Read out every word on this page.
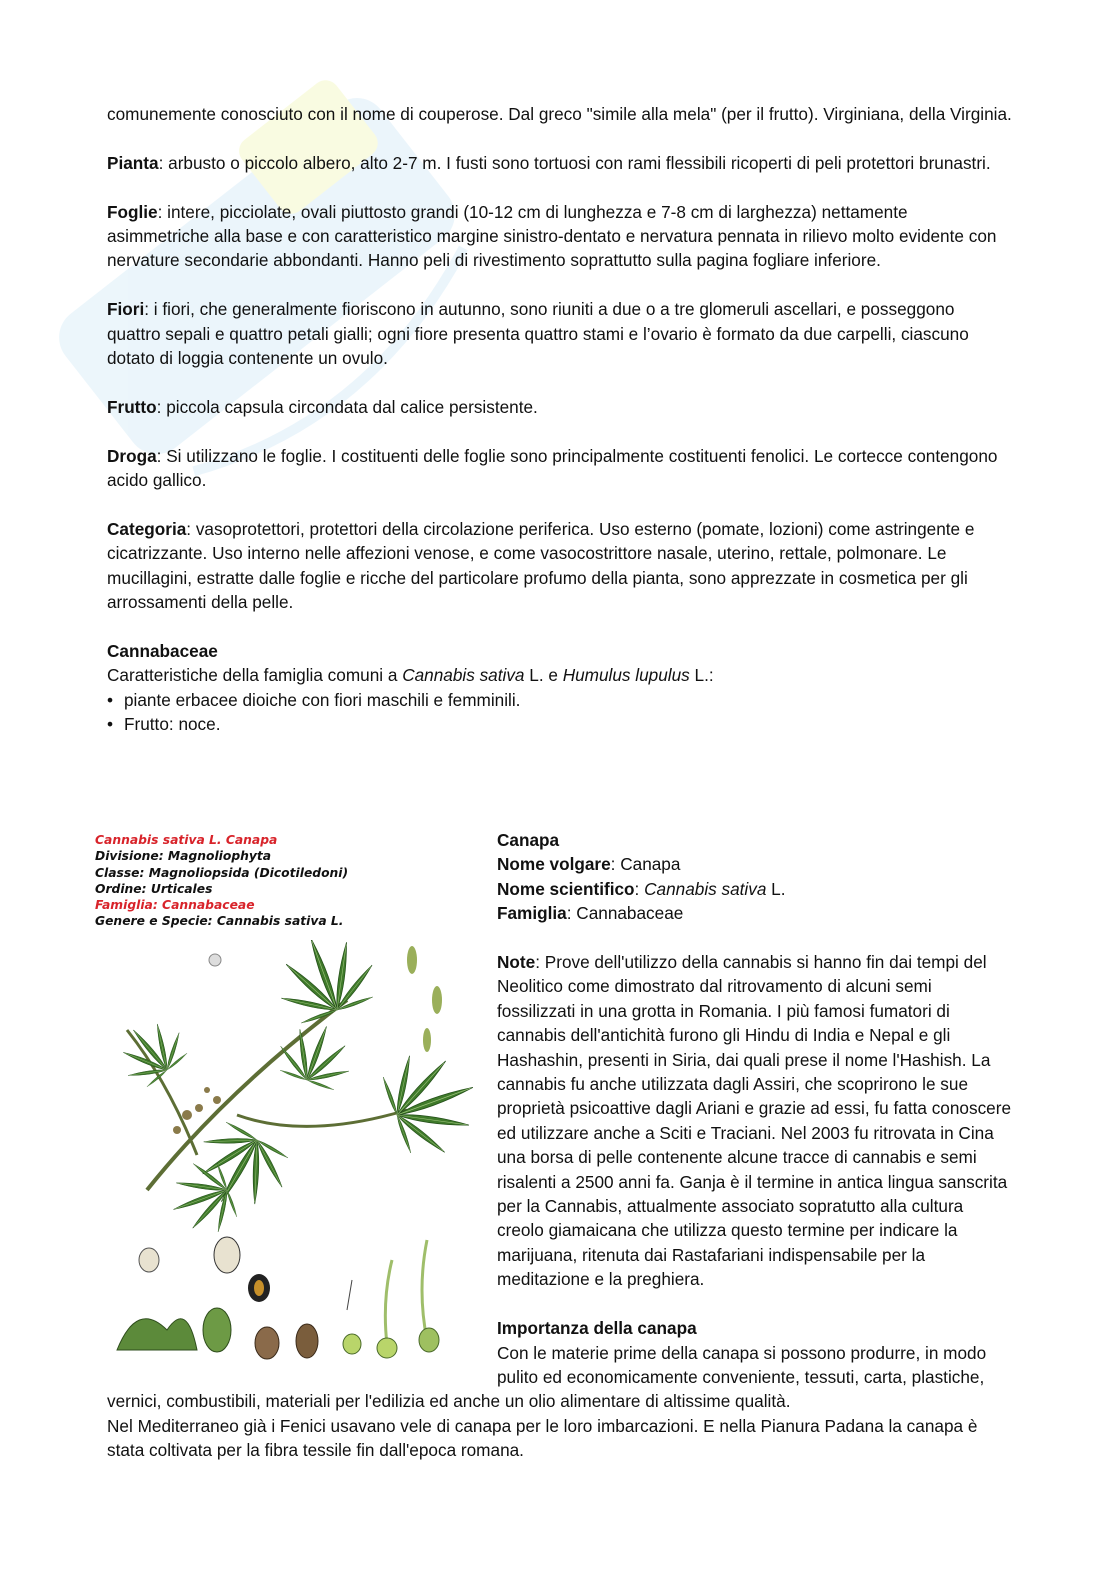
comunemente conosciuto con il nome di couperose. Dal greco "simile alla mela" (per il frutto). Virginiana, della Virginia.

Pianta: arbusto o piccolo albero, alto 2-7 m. I fusti sono tortuosi con rami flessibili ricoperti di peli protettori brunastri.

Foglie: intere, picciolate, ovali piuttosto grandi (10-12 cm di lunghezza e 7-8 cm di larghezza) nettamente asimmetriche alla base e con caratteristico margine sinistro-dentato e nervatura pennata in rilievo molto evidente con nervature secondarie abbondanti. Hanno peli di rivestimento soprattutto sulla pagina fogliare inferiore.

Fiori: i fiori, che generalmente fioriscono in autunno, sono riuniti a due o a tre glomeruli ascellari, e posseggono quattro sepali e quattro petali gialli; ogni fiore presenta quattro stami e l’ovario è formato da due carpelli, ciascuno dotato di loggia contenente un ovulo.

Frutto: piccola capsula circondata dal calice persistente.

Droga: Si utilizzano le foglie. I costituenti delle foglie sono principalmente costituenti fenolici. Le cortecce contengono acido gallico.

Categoria: vasoprotettori, protettori della circolazione periferica. Uso esterno (pomate, lozioni) come astringente e cicatrizzante. Uso interno nelle affezioni venose, e come vasocostrittore nasale, uterino, rettale, polmonare. Le mucillagini, estratte dalle foglie e ricche del particolare profumo della pianta, sono apprezzate in cosmetica per gli arrossamenti della pelle.

Cannabaceae
Caratteristiche della famiglia comuni a Cannabis sativa L. e Humulus lupulus L.:
• piante erbacee dioiche con fiori maschili e femminili.
• Frutto: noce.
Cannabis sativa L. Canapa
Divisione: Magnoliophyta
Classe: Magnoliopsida (Dicotiledoni)
Ordine: Urticales
Famiglia: Cannabaceae
Genere e Specie: Cannabis sativa L.
Canapa
Nome volgare: Canapa
Nome scientifico: Cannabis sativa L.

Famiglia: Cannabaceae

Note: Prove dell'utilizzo della cannabis si hanno fin dai tempi del Neolitico come dimostrato dal ritrovamento di alcuni semi fossilizzati in una grotta in Romania. I più famosi fumatori di cannabis dell'antichità furono gli Hindu di India e Nepal e gli Hashashin, presenti in Siria, dai quali prese il nome l'Hashish. La cannabis fu anche utilizzata dagli Assiri, che scoprirono le sue proprietà psicoattive dagli Ariani e grazie ad essi, fu fatta conoscere ed utilizzare anche a Sciti e Traciani. Nel 2003 fu ritrovata in Cina una borsa di pelle contenente alcune tracce di cannabis e semi risalenti a 2500 anni fa. Ganja è il termine in antica lingua sanscrita per la Cannabis, attualmente associato sopratutto alla cultura creolo giamaicana che utilizza questo termine per indicare la marijuana, ritenuta dai Rastafariani indispensabile per la meditazione e la preghiera.

Importanza della canapa

Con le materie prime della canapa si possono produrre, in modo pulito ed economicamente conveniente, tessuti, carta, plastiche, vernici, combustibili, materiali per l'edilizia ed anche un olio alimentare di altissime qualità.

Nel Mediterraneo già i Fenici usavano vele di canapa per le loro imbarcazioni. E nella Pianura Padana la canapa è stata coltivata per la fibra tessile fin dall'epoca romana.
